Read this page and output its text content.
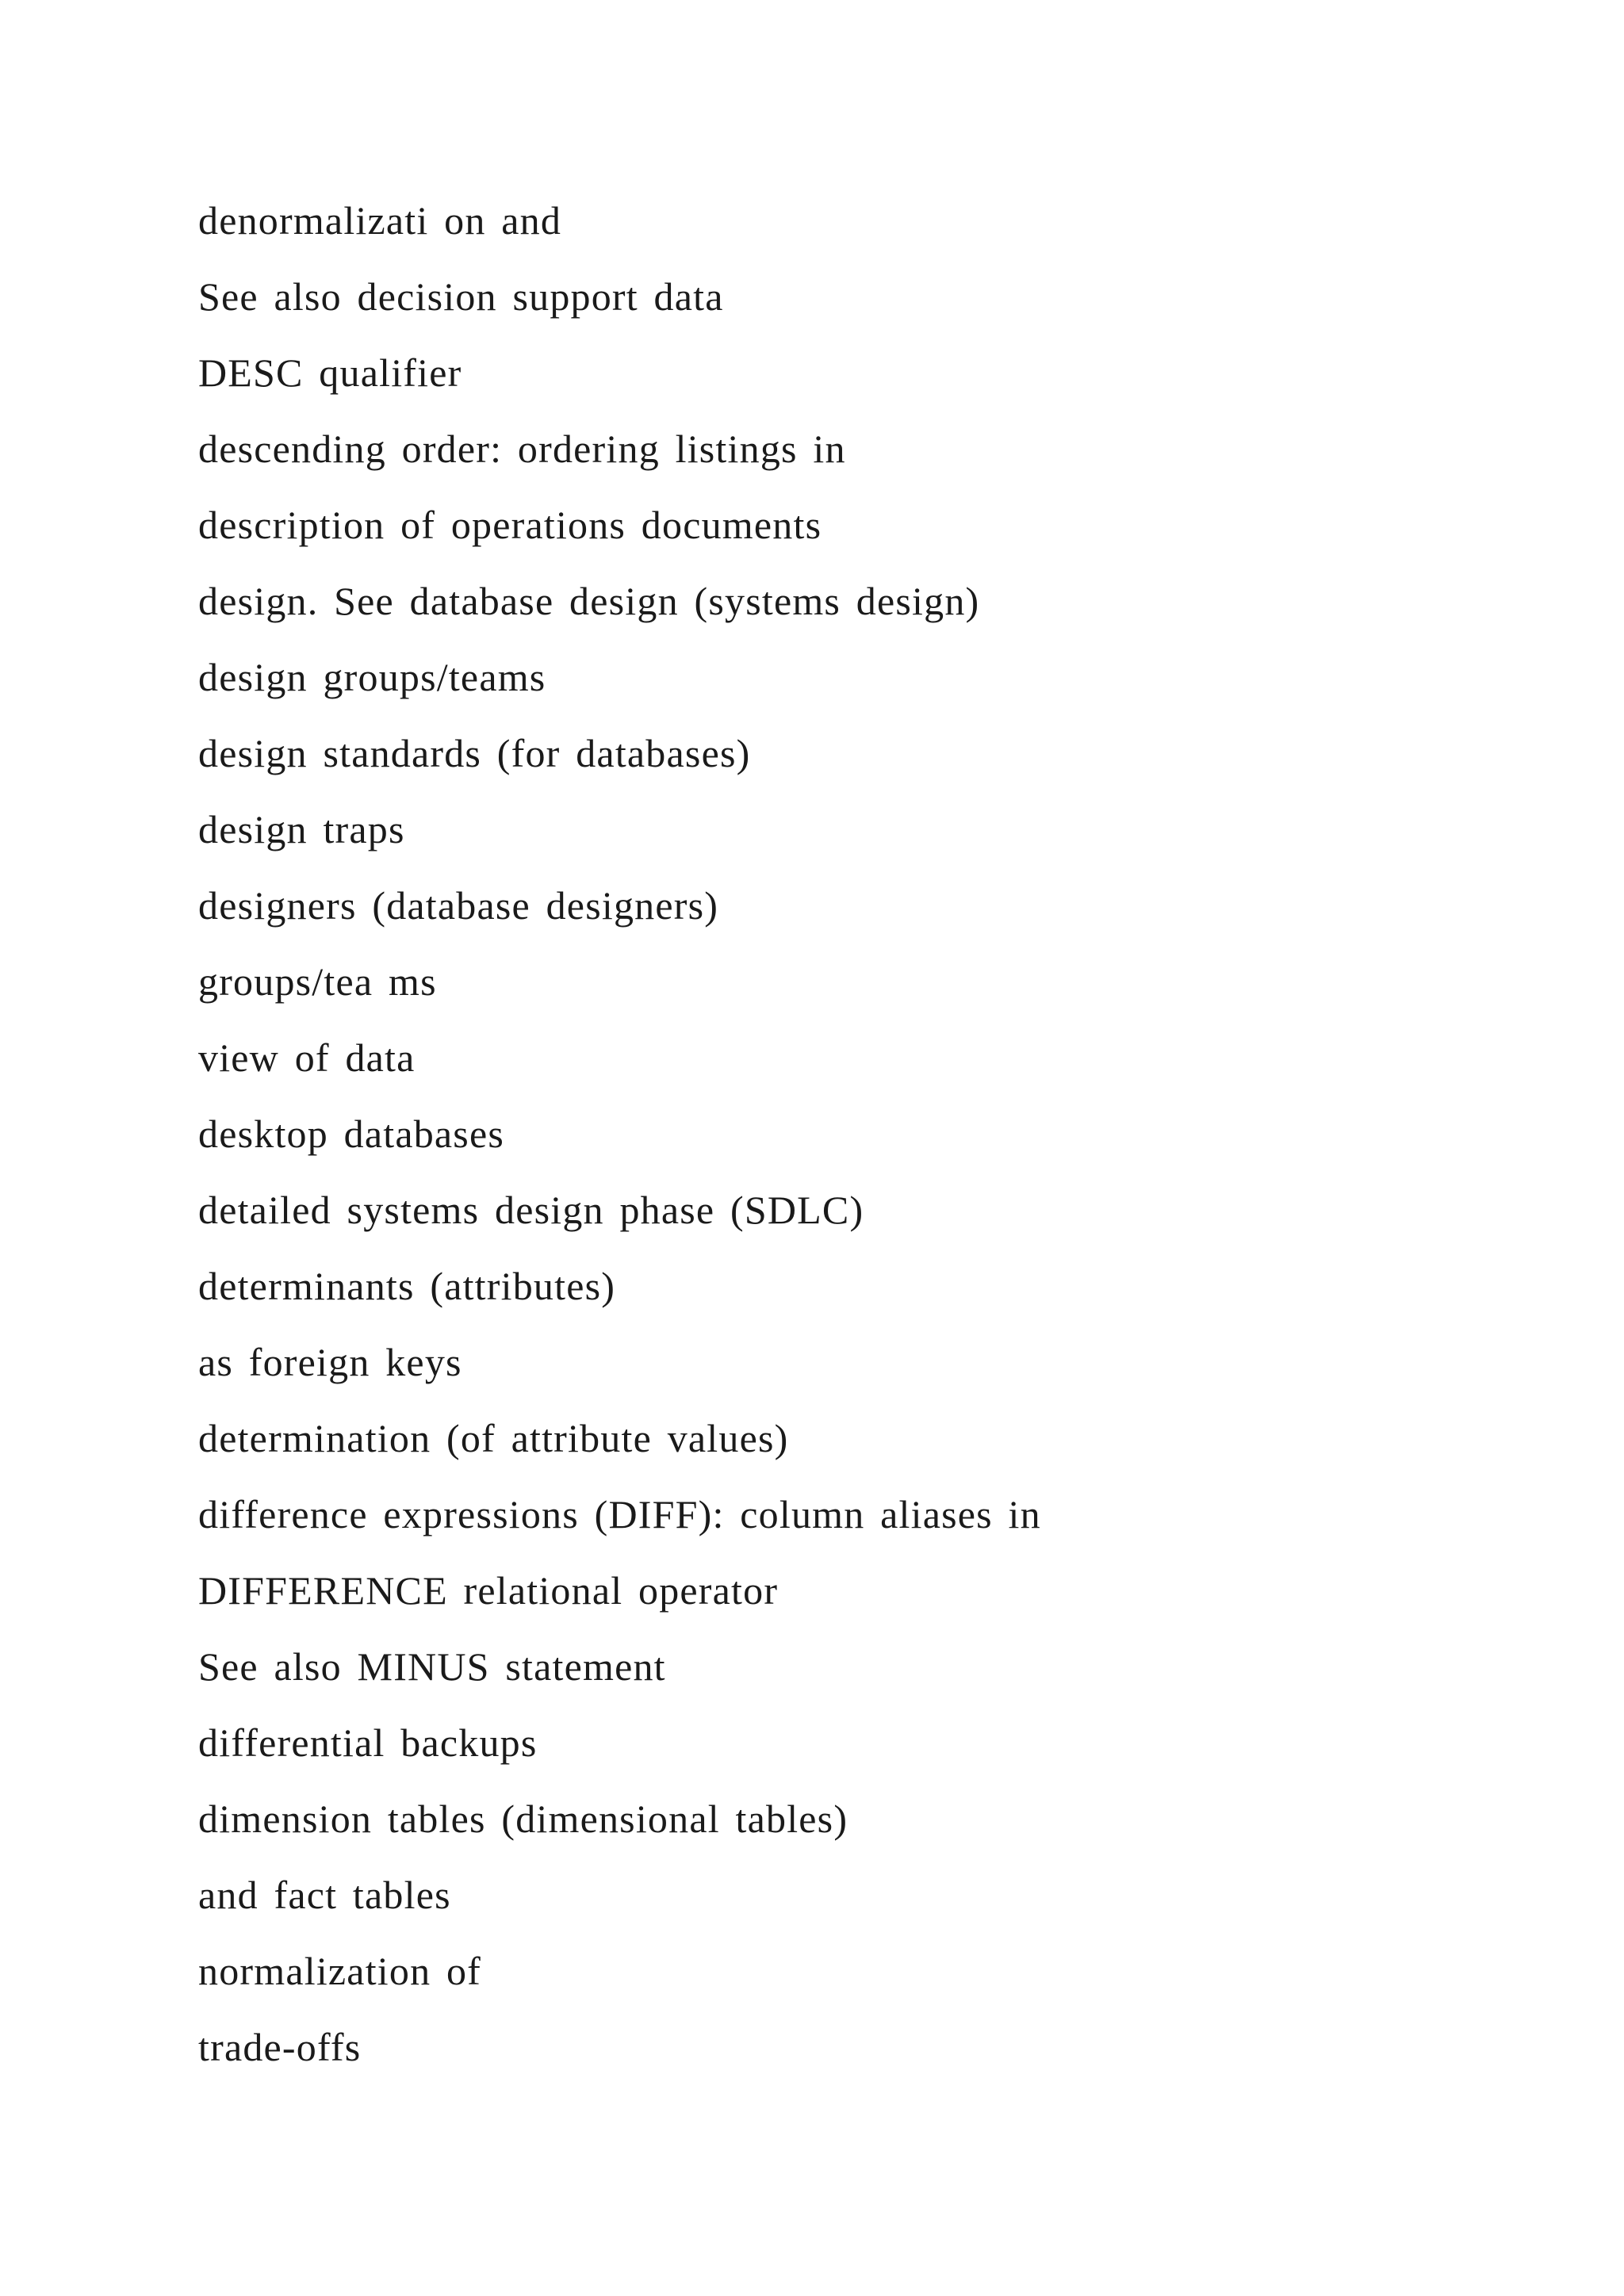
denormalizati on and
See also decision support data
DESC qualifier
descending order: ordering listings in
description of operations documents
design. See database design (systems design)
design groups/teams
design standards (for databases)
design traps
designers (database designers)
groups/tea ms
view of data
desktop databases
detailed systems design phase (SDLC)
determinants (attributes)
as foreign keys
determination (of attribute values)
difference expressions (DIFF): column aliases in
DIFFERENCE relational operator
See also MINUS statement
differential backups
dimension tables (dimensional tables)
and fact tables
normalization of
trade-offs
